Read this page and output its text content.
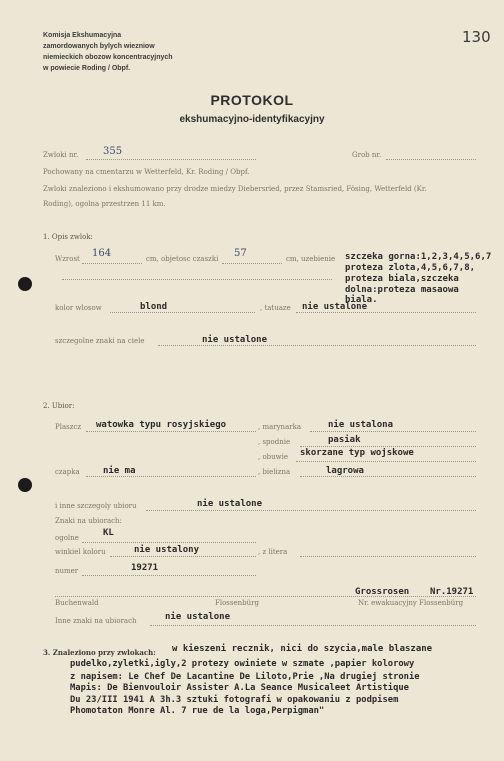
Komisja Ekshumacyjna
zamordowanych bylych wiezniow
niemieckich obozow koncentracyjnych
w powiecie Roding / Obpf.
130
PROTOKOL
ekshumacyjno-identyfikacyjny
Zwloki nr. 355	Grob nr.
Pochowany na cmentarzu w Wetterfeld, Kr. Roding / Obpf.
Zwloki znaleziono i ekshumowano przy drodze miedzy Diebersried, przez Stamsried, Fösing, Wetterfeld (Kr.
Roding), ogolna przestrzen 11 km.
1. Opis zwlok:
Wzrost 164	cm, objetosc czaszki 57	cm, uzebienie szczeka gorna:1,2,3,4,5,6,7
proteza zlota,4,5,6,7,8,
proteza biala,szczeka
dolna:proteza masaowa
biala.
kolor wlosow	blond	, tatuaze nie ustalone
szczegolne znaki na ciele	nie ustalone
2. Ubior:
Plaszcz watowka typu rosyjskiego	, marynarka	nie ustalona
, spodnie	pasiak
, obuwie skorzane typ wojskowe
czapka	nie ma	, bielizna	lagrowa
i inne szczegoly ubioru	nie ustalone
Znaki na ubiorach:
ogolne	KL
winkiel koloru	nie ustalony	, z litera
numer	19271
Grossrosen Nr.19271
Buchenwald	Flossenbürg	Nr. ewakuacyjny Flossenbürg
Inne znaki na ubiorach	nie ustalone
3. Znaleziono przy zwlokach: w kieszeni recznik, nici do szycia,male blaszane
pudelko,zyletki,igly,2 protezy owiniete w szmate ,papier kolorowy
z napisem: Le Chef De Lacantine De Liloto,Prie ,Na drugiej stronie
Mapis: De Bienvouloir Assister A.La Seance Musicaleet Artistique
Du 23/III 1941 A 3h.3 sztuki fotografi w opakowaniu z podpisem
Phomotaton Monre Al. 7 rue de la loga,Perpigman"
